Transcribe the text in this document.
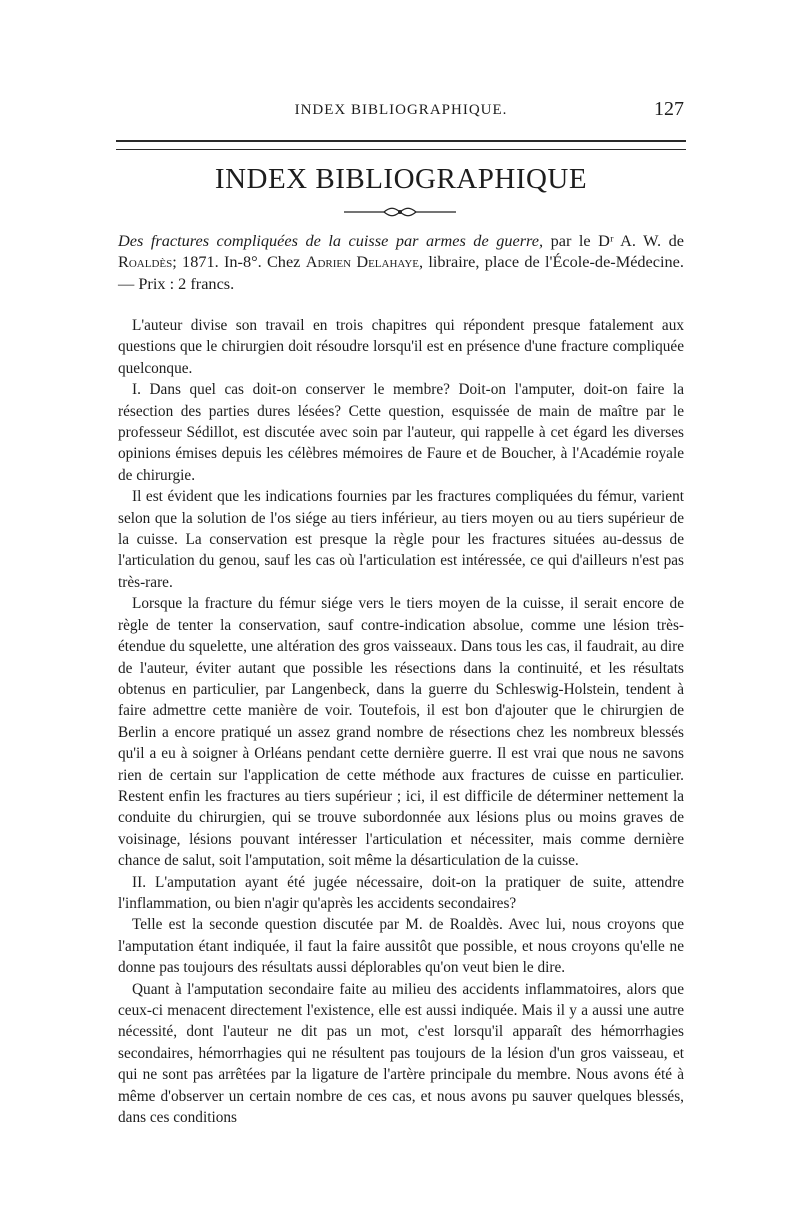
INDEX BIBLIOGRAPHIQUE.	127
INDEX BIBLIOGRAPHIQUE

Des fractures compliquées de la cuisse par armes de guerre, par le Dʳ A. W. de Roaldès; 1871. In-8°. Chez Adrien Delahaye, libraire, place de l'École-de-Médecine. — Prix : 2 francs.

L'auteur divise son travail en trois chapitres qui répondent presque fatalement aux questions que le chirurgien doit résoudre lorsqu'il est en présence d'une fracture compliquée quelconque.

I. Dans quel cas doit-on conserver le membre? Doit-on l'amputer, doit-on faire la résection des parties dures lésées? Cette question, esquissée de main de maître par le professeur Sédillot, est discutée avec soin par l'auteur, qui rappelle à cet égard les diverses opinions émises depuis les célèbres mémoires de Faure et de Boucher, à l'Académie royale de chirurgie.

Il est évident que les indications fournies par les fractures compliquées du fémur, varient selon que la solution de l'os siége au tiers inférieur, au tiers moyen ou au tiers supérieur de la cuisse. La conservation est presque la règle pour les fractures situées au-dessus de l'articulation du genou, sauf les cas où l'articulation est intéressée, ce qui d'ailleurs n'est pas très-rare.

Lorsque la fracture du fémur siége vers le tiers moyen de la cuisse, il serait encore de règle de tenter la conservation, sauf contre-indication absolue, comme une lésion très-étendue du squelette, une altération des gros vaisseaux. Dans tous les cas, il faudrait, au dire de l'auteur, éviter autant que possible les résections dans la continuité, et les résultats obtenus en particulier, par Langenbeck, dans la guerre du Schleswig-Holstein, tendent à faire admettre cette manière de voir. Toutefois, il est bon d'ajouter que le chirurgien de Berlin a encore pratiqué un assez grand nombre de résections chez les nombreux blessés qu'il a eu à soigner à Orléans pendant cette dernière guerre. Il est vrai que nous ne savons rien de certain sur l'application de cette méthode aux fractures de cuisse en particulier. Restent enfin les fractures au tiers supérieur ; ici, il est difficile de déterminer nettement la conduite du chirurgien, qui se trouve subordonnée aux lésions plus ou moins graves de voisinage, lésions pouvant intéresser l'articulation et nécessiter, mais comme dernière chance de salut, soit l'amputation, soit même la désarticulation de la cuisse.

II. L'amputation ayant été jugée nécessaire, doit-on la pratiquer de suite, attendre l'inflammation, ou bien n'agir qu'après les accidents secondaires?

Telle est la seconde question discutée par M. de Roaldès. Avec lui, nous croyons que l'amputation étant indiquée, il faut la faire aussitôt que possible, et nous croyons qu'elle ne donne pas toujours des résultats aussi déplorables qu'on veut bien le dire.

Quant à l'amputation secondaire faite au milieu des accidents inflammatoires, alors que ceux-ci menacent directement l'existence, elle est aussi indiquée. Mais il y a aussi une autre nécessité, dont l'auteur ne dit pas un mot, c'est lorsqu'il apparaît des hémorrhagies secondaires, hémorrhagies qui ne résultent pas toujours de la lésion d'un gros vaisseau, et qui ne sont pas arrêtées par la ligature de l'artère principale du membre. Nous avons été à même d'observer un certain nombre de ces cas, et nous avons pu sauver quelques blessés, dans ces conditions
